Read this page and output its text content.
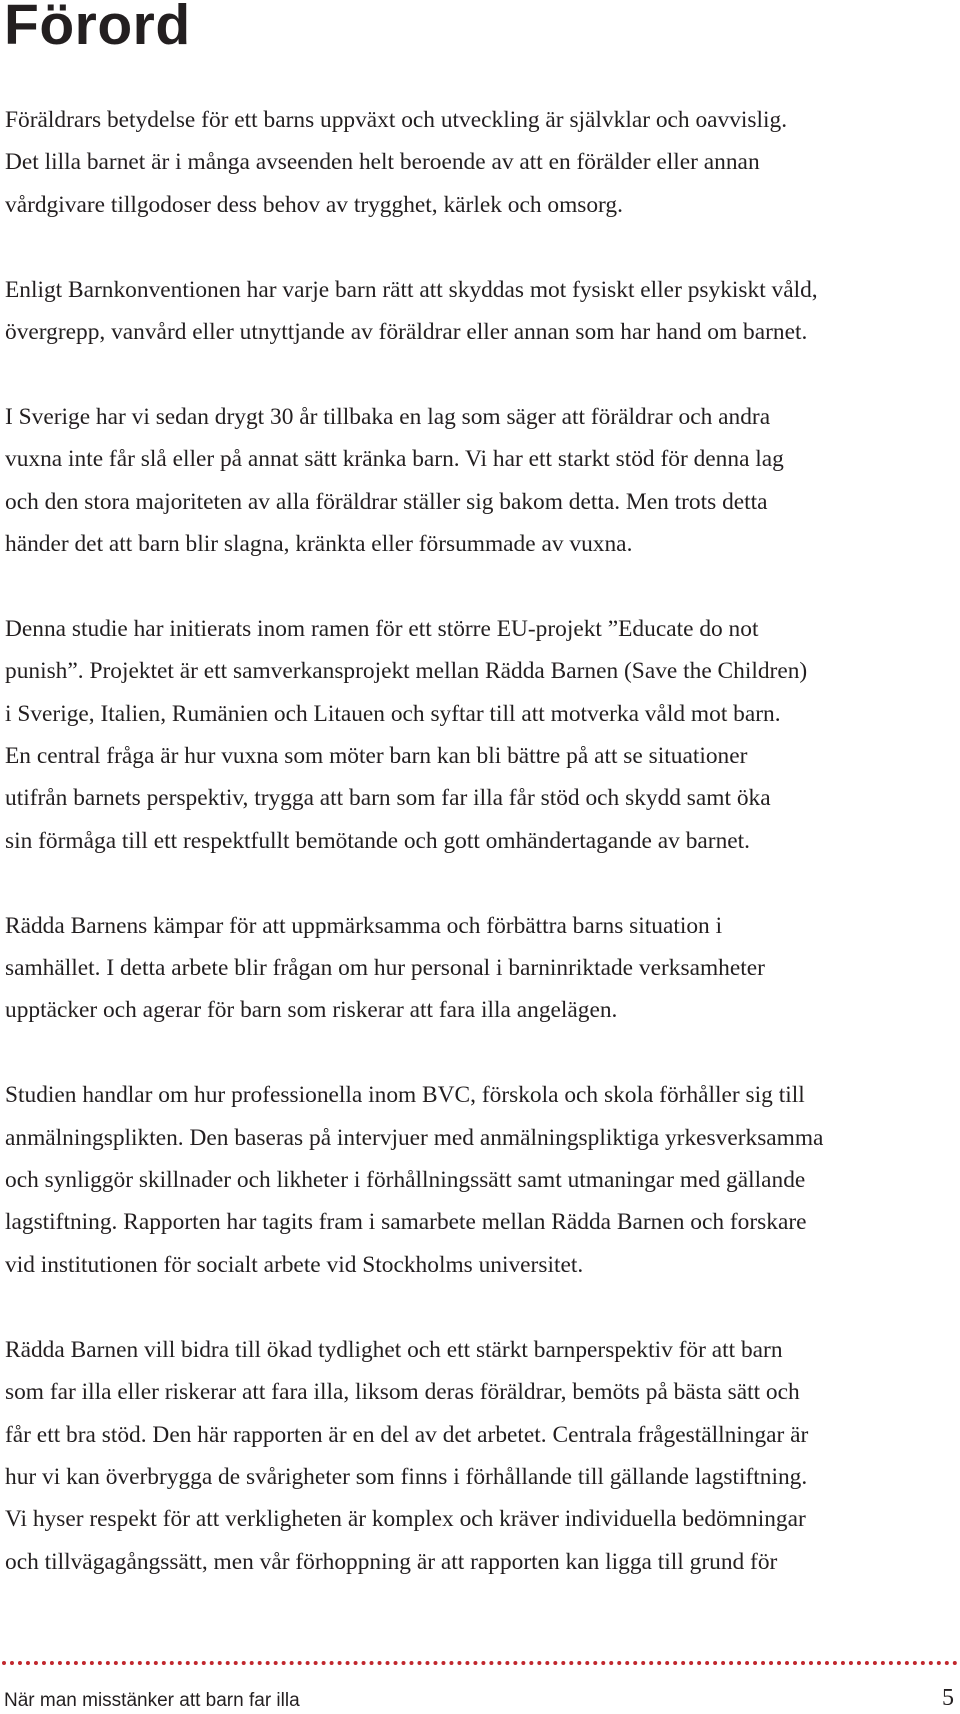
Förord

Föräldrars betydelse för ett barns uppväxt och utveckling är självklar och oavvislig.
Det lilla barnet är i många avseenden helt beroende av att en förälder eller annan
vårdgivare tillgodoser dess behov av trygghet, kärlek och omsorg.

Enligt Barnkonventionen har varje barn rätt att skyddas mot fysiskt eller psykiskt våld,
övergrepp, vanvård eller utnyttjande av föräldrar eller annan som har hand om barnet.

I Sverige har vi sedan drygt 30 år tillbaka en lag som säger att föräldrar och andra
vuxna inte får slå eller på annat sätt kränka barn. Vi har ett starkt stöd för denna lag
och den stora majoriteten av alla föräldrar ställer sig bakom detta. Men trots detta
händer det att barn blir slagna, kränkta eller försummade av vuxna.

Denna studie har initierats inom ramen för ett större EU-projekt ”Educate do not
punish”. Projektet är ett samverkansprojekt mellan Rädda Barnen (Save the Children)
i Sverige, Italien, Rumänien och Litauen och syftar till att motverka våld mot barn.
En central fråga är hur vuxna som möter barn kan bli bättre på att se situationer
utifrån barnets perspektiv, trygga att barn som far illa får stöd och skydd samt öka
sin förmåga till ett respektfullt bemötande och gott omhändertagande av barnet.

Rädda Barnens kämpar för att uppmärksamma och förbättra barns situation i
samhället. I detta arbete blir frågan om hur personal i barninriktade verksamheter
upptäcker och agerar för barn som riskerar att fara illa angelägen.

Studien handlar om hur professionella inom BVC, förskola och skola förhåller sig till
anmälningsplikten. Den baseras på intervjuer med anmälningspliktiga yrkesverksamma
och synliggör skillnader och likheter i förhållningssätt samt utmaningar med gällande
lagstiftning. Rapporten har tagits fram i samarbete mellan Rädda Barnen och forskare
vid institutionen för socialt arbete vid Stockholms universitet.

Rädda Barnen vill bidra till ökad tydlighet och ett stärkt barnperspektiv för att barn
som far illa eller riskerar att fara illa, liksom deras föräldrar, bemöts på bästa sätt och
får ett bra stöd. Den här rapporten är en del av det arbetet. Centrala frågeställningar är
hur vi kan överbrygga de svårigheter som finns i förhållande till gällande lagstiftning.
Vi hyser respekt för att verkligheten är komplex och kräver individuella bedömningar
och tillvägagångssätt, men vår förhoppning är att rapporten kan ligga till grund för

När man misstänker att barn far illa	5
